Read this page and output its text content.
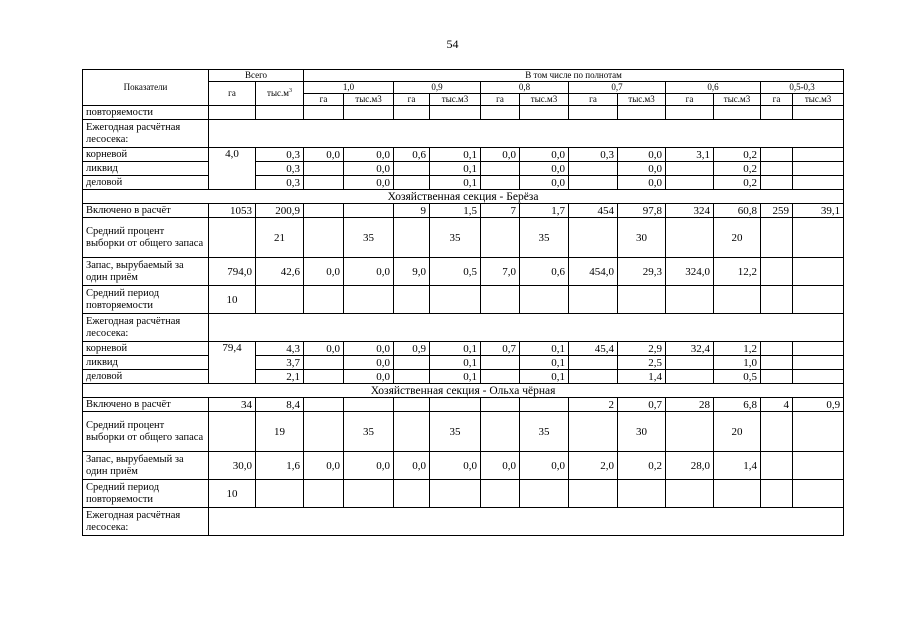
54
Показатели	Всего		В том числе по полнотам											
	га	$тыс.м^3$	1,0		0,9		0,8		0,7		0,6		0,5-0,3	
			га	тыс.м3	га	тыс.м3	га	тыс.м3	га	тыс.м3	га	тыс.м3	га	тыс.м3
повторяемости														
Ежегодная расчётная лесосека:														
корневой	4,0	0,3	0,0	0,0	0,6	0,1	0,0	0,0	0,3	0,0	3,1	0,2		
ликвид		0,3		0,0		0,1		0,0		0,0		0,2		
деловой		0,3		0,0		0,1		0,0		0,0		0,2		
Хозяйственная секция - Берёза														
Включено в расчёт	1053	200,9			9	1,5	7	1,7	454	97,8	324	60,8	259	39,1
Средний процент выборки от общего запаса		21		35		35		35		30		20		
Запас, вырубаемый за один приём	794,0	42,6	0,0	0,0	9,0	0,5	7,0	0,6	454,0	29,3	324,0	12,2		
Средний период повторяемости	10													
Ежегодная расчётная лесосека:														
корневой	79,4	4,3	0,0	0,0	0,9	0,1	0,7	0,1	45,4	2,9	32,4	1,2		
ликвид		3,7		0,0		0,1		0,1		2,5		1,0		
деловой		2,1		0,0		0,1		0,1		1,4		0,5		
Хозяйственная секция - Ольха чёрная														
Включено в расчёт	34	8,4							2	0,7	28	6,8	4	0,9
Средний процент выборки от общего запаса		19		35		35		35		30		20		
Запас, вырубаемый за один приём	30,0	1,6	0,0	0,0	0,0	0,0	0,0	0,0	2,0	0,2	28,0	1,4		
Средний период повторяемости	10													
Ежегодная расчётная лесосека:														
